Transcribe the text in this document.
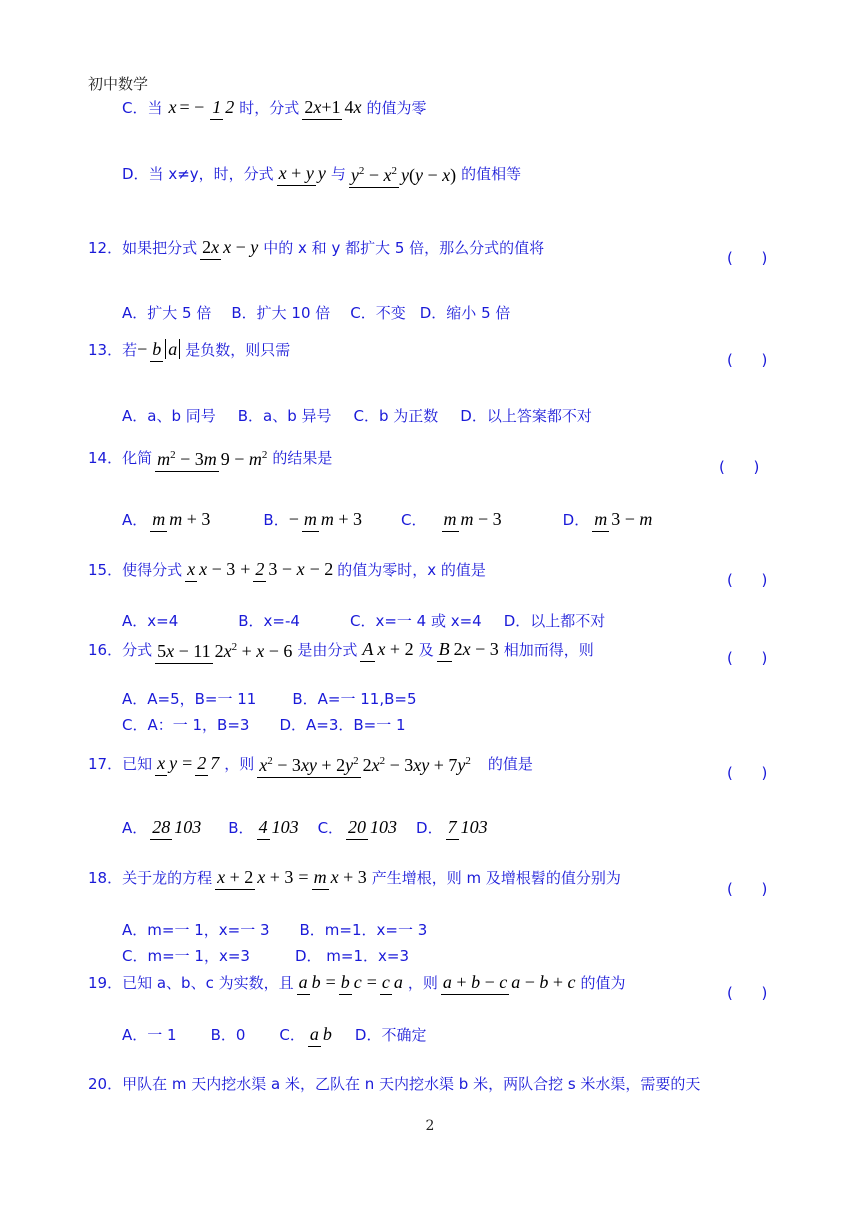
初中数学
C．当 x = − 1 2 时，分式 2x+1 4x 的值为零
D．当 x≠y，时，分式 x + y y 与 $y^2 - x^2$ y(y − x) 的值相等
12． 如果把分式 2x x − y 中的 x 和 y 都扩大 5 倍，那么分式的值将
(      )
A．扩大 5 倍 B．扩大 10 倍 C．不变 D．缩小 5 倍
13． 若 − b a 是负数，则只需
(      )
A．a、b 同号 B．a、b 异号 C．b 为正数 D．以上答案都不对
14． 化简 $m^2 - 3m$ $9 - m^2$ 的结果是
(      )
A． m m + 3	B． − m m + 3	C． m m − 3	D． m 3 − m
15． 使得分式 x x − 3 + 2 3 − x − 2 的值为零时，x 的值是
(      )
A．x=4	B．x=-4	C．x=一 4 或 x=4 D．以上都不对
16． 分式 5x − 11 $2x^2 + x - 6$ 是由分式 A x + 2 及 B 2x − 3 相加而得，则	(      )
A．A=5，B=一 11 B．A=一 11,B=5
C．A：一 1，B=3 D．A=3．B=一 1
17． 已知 x y = 2 7 ，则 $x^2 - 3xy + 2y^2$ $2x^2 - 3xy + 7y^2$ 的值是
(      )
A． 28 103 B． 4 103 C． 20 103 D． 7 103
18． 关于龙的方程 x + 2 x + 3 = m x + 3 产生增根，则 m 及增根髫的值分别为
(      )
A．m=一 1，x=一 3 B．m=1．x=一 3
C．m=一 1，x=3	D． m=1．x=3
19． 已知 a、b、c 为实数，且 a b = b c = c a ，则 a + b − c a − b + c 的值为
(      )
A．一 1 B．0 C． a b D．不确定
20． 甲队在 m 天内挖水渠 a 米，乙队在 n 天内挖水渠 b 米，两队合挖 s 米水渠，需要的天
2
